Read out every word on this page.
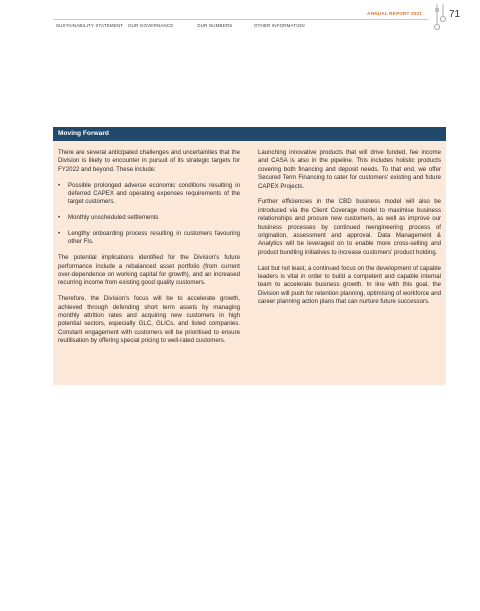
ANNUAL REPORT 2021	71
SUSTAINABILITY STATEMENT OUR GOVERNANCE	OUR NUMBERS	OTHER INFORMATION
Moving Forward

There are several anticipated challenges and uncertainties that the Division is likely to encounter in pursuit of its strategic targets for FY2022 and beyond. These include:

• Possible prolonged adverse economic conditions resulting in deferred CAPEX and operating expenses requirements of the target customers.
• Monthly unscheduled settlements
• Lengthy onboarding process resulting in customers favouring other FIs.

The potential implications identified for the Division's future performance include a rebalanced asset portfolio (from current over-dependence on working capital for growth), and an increased recurring income from existing good quality customers.

Therefore, the Division's focus will be to accelerate growth, achieved through defending short term assets by managing monthly attrition rates and acquiring new customers in high potential sectors, especially GLC, GLICs, and listed companies. Constant engagement with customers will be prioritised to ensure reutilisation by offering special pricing to well-rated customers.

Launching innovative products that will drive funded, fee income and CASA is also in the pipeline. This includes holistic products covering both financing and deposit needs. To that end, we offer Secured Term Financing to cater for customers' existing and future CAPEX Projects.

Further efficiencies in the CBD business model will also be introduced via the Client Coverage model to maximise business relationships and procure new customers, as well as improve our business processes by continued reengineering process of origination, assessment and approval. Data Management & Analytics will be leveraged on to enable more cross-selling and product bundling initiatives to increase customers' product holding.

Last but not least, a continued focus on the development of capable leaders is vital in order to build a competent and capable internal team to accelerate business growth. In line with this goal, the Division will push for retention planning, optimising of workforce and career planning action plans that can nurture future successors.
